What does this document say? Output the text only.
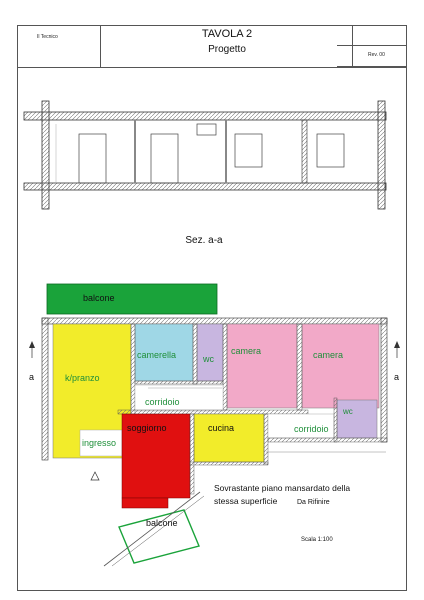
TAVOLA 2
Progetto
Il Tecnico
Rev. 00
Sez. a-a
balcone
k/pranzo
camerella	wc
camera	camera
corridoio
corridoio
wc
ingresso
soggiorno	cucina
balcone
a	a
Sovrastante piano mansardato della
stessa superficie	Da Rifinire
Scala 1:100
